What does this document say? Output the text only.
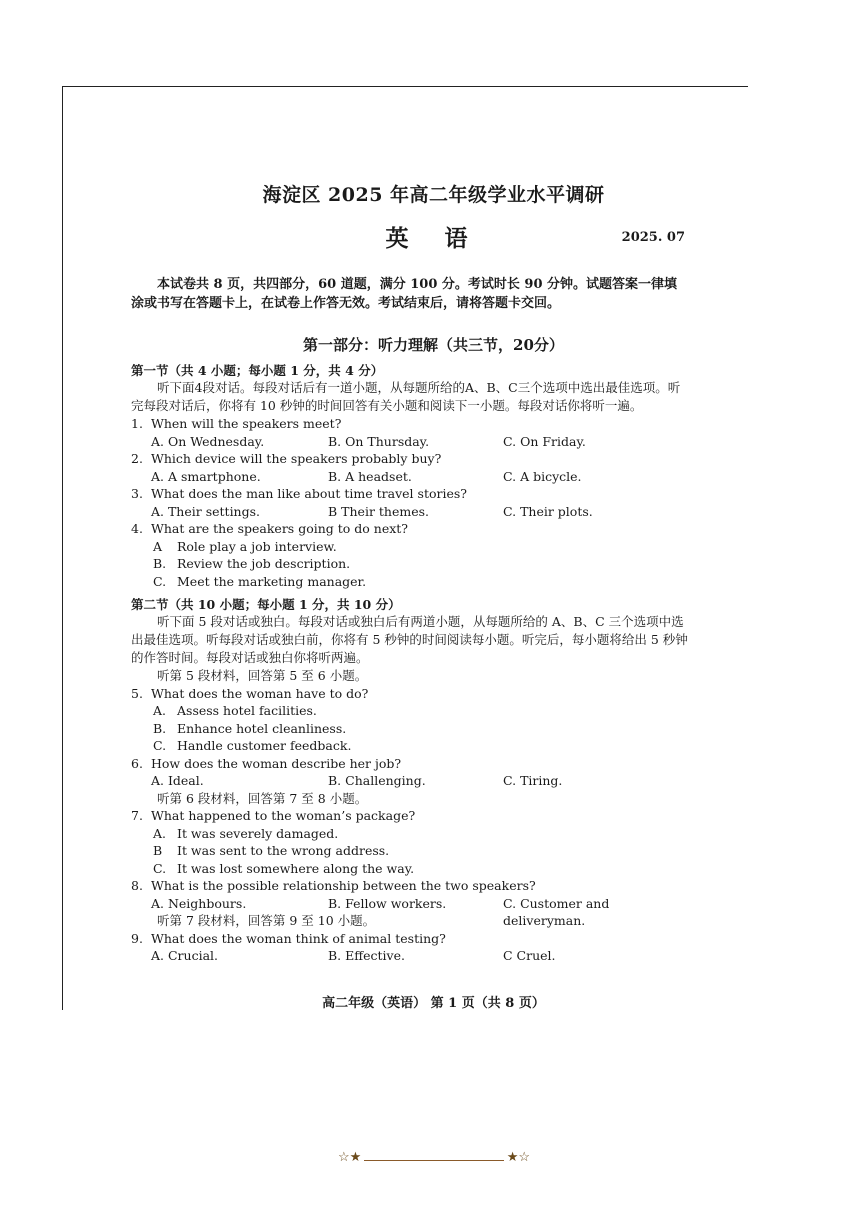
海淀区 2025 年高二年级学业水平调研
英 语	2025. 07
本试卷共 8 页，共四部分，60 道题，满分 100 分。考试时长 90 分钟。试题答案一律填涂或书写在答题卡上，在试卷上作答无效。考试结束后，请将答题卡交回。
第一部分：听力理解（共三节，20分）
第一节（共 4 小题；每小题 1 分，共 4 分）
听下面4段对话。每段对话后有一道小题，从每题所给的A、B、C三个选项中选出最佳选项。听完每段对话后，你将有 10 秒钟的时间回答有关小题和阅读下一小题。每段对话你将听一遍。
1. When will the speakers meet?
A. On Wednesday.	B. On Thursday.	C. On Friday.
2. Which device will the speakers probably buy?
A. A smartphone.	B. A headset.	C. A bicycle.
3. What does the man like about time travel stories?
A. Their settings.	B Their themes.	C. Their plots.
4. What are the speakers going to do next?
A Role play a job interview.
B. Review the job description.
C. Meet the marketing manager.
第二节（共 10 小题；每小题 1 分，共 10 分）
听下面 5 段对话或独白。每段对话或独白后有两道小题，从每题所给的 A、B、C 三个选项中选出最佳选项。听每段对话或独白前，你将有 5 秒钟的时间阅读每小题。听完后，每小题将给出 5 秒钟的作答时间。每段对话或独白你将听两遍。
听第 5 段材料，回答第 5 至 6 小题。
5. What does the woman have to do?
A. Assess hotel facilities.
B. Enhance hotel cleanliness.
C. Handle customer feedback.
6. How does the woman describe her job?
A. Ideal.	B. Challenging.	C. Tiring.
听第 6 段材料，回答第 7 至 8 小题。
7. What happened to the woman’s package?
A. It was severely damaged.
B It was sent to the wrong address.
C. It was lost somewhere along the way.
8. What is the possible relationship between the two speakers?
A. Neighbours.	B. Fellow workers.	C. Customer and deliveryman.
听第 7 段材料，回答第 9 至 10 小题。
9. What does the woman think of animal testing?
A. Crucial.	B. Effective.	C Cruel.
高二年级（英语） 第 1 页（共 8 页）
☆★	★☆
